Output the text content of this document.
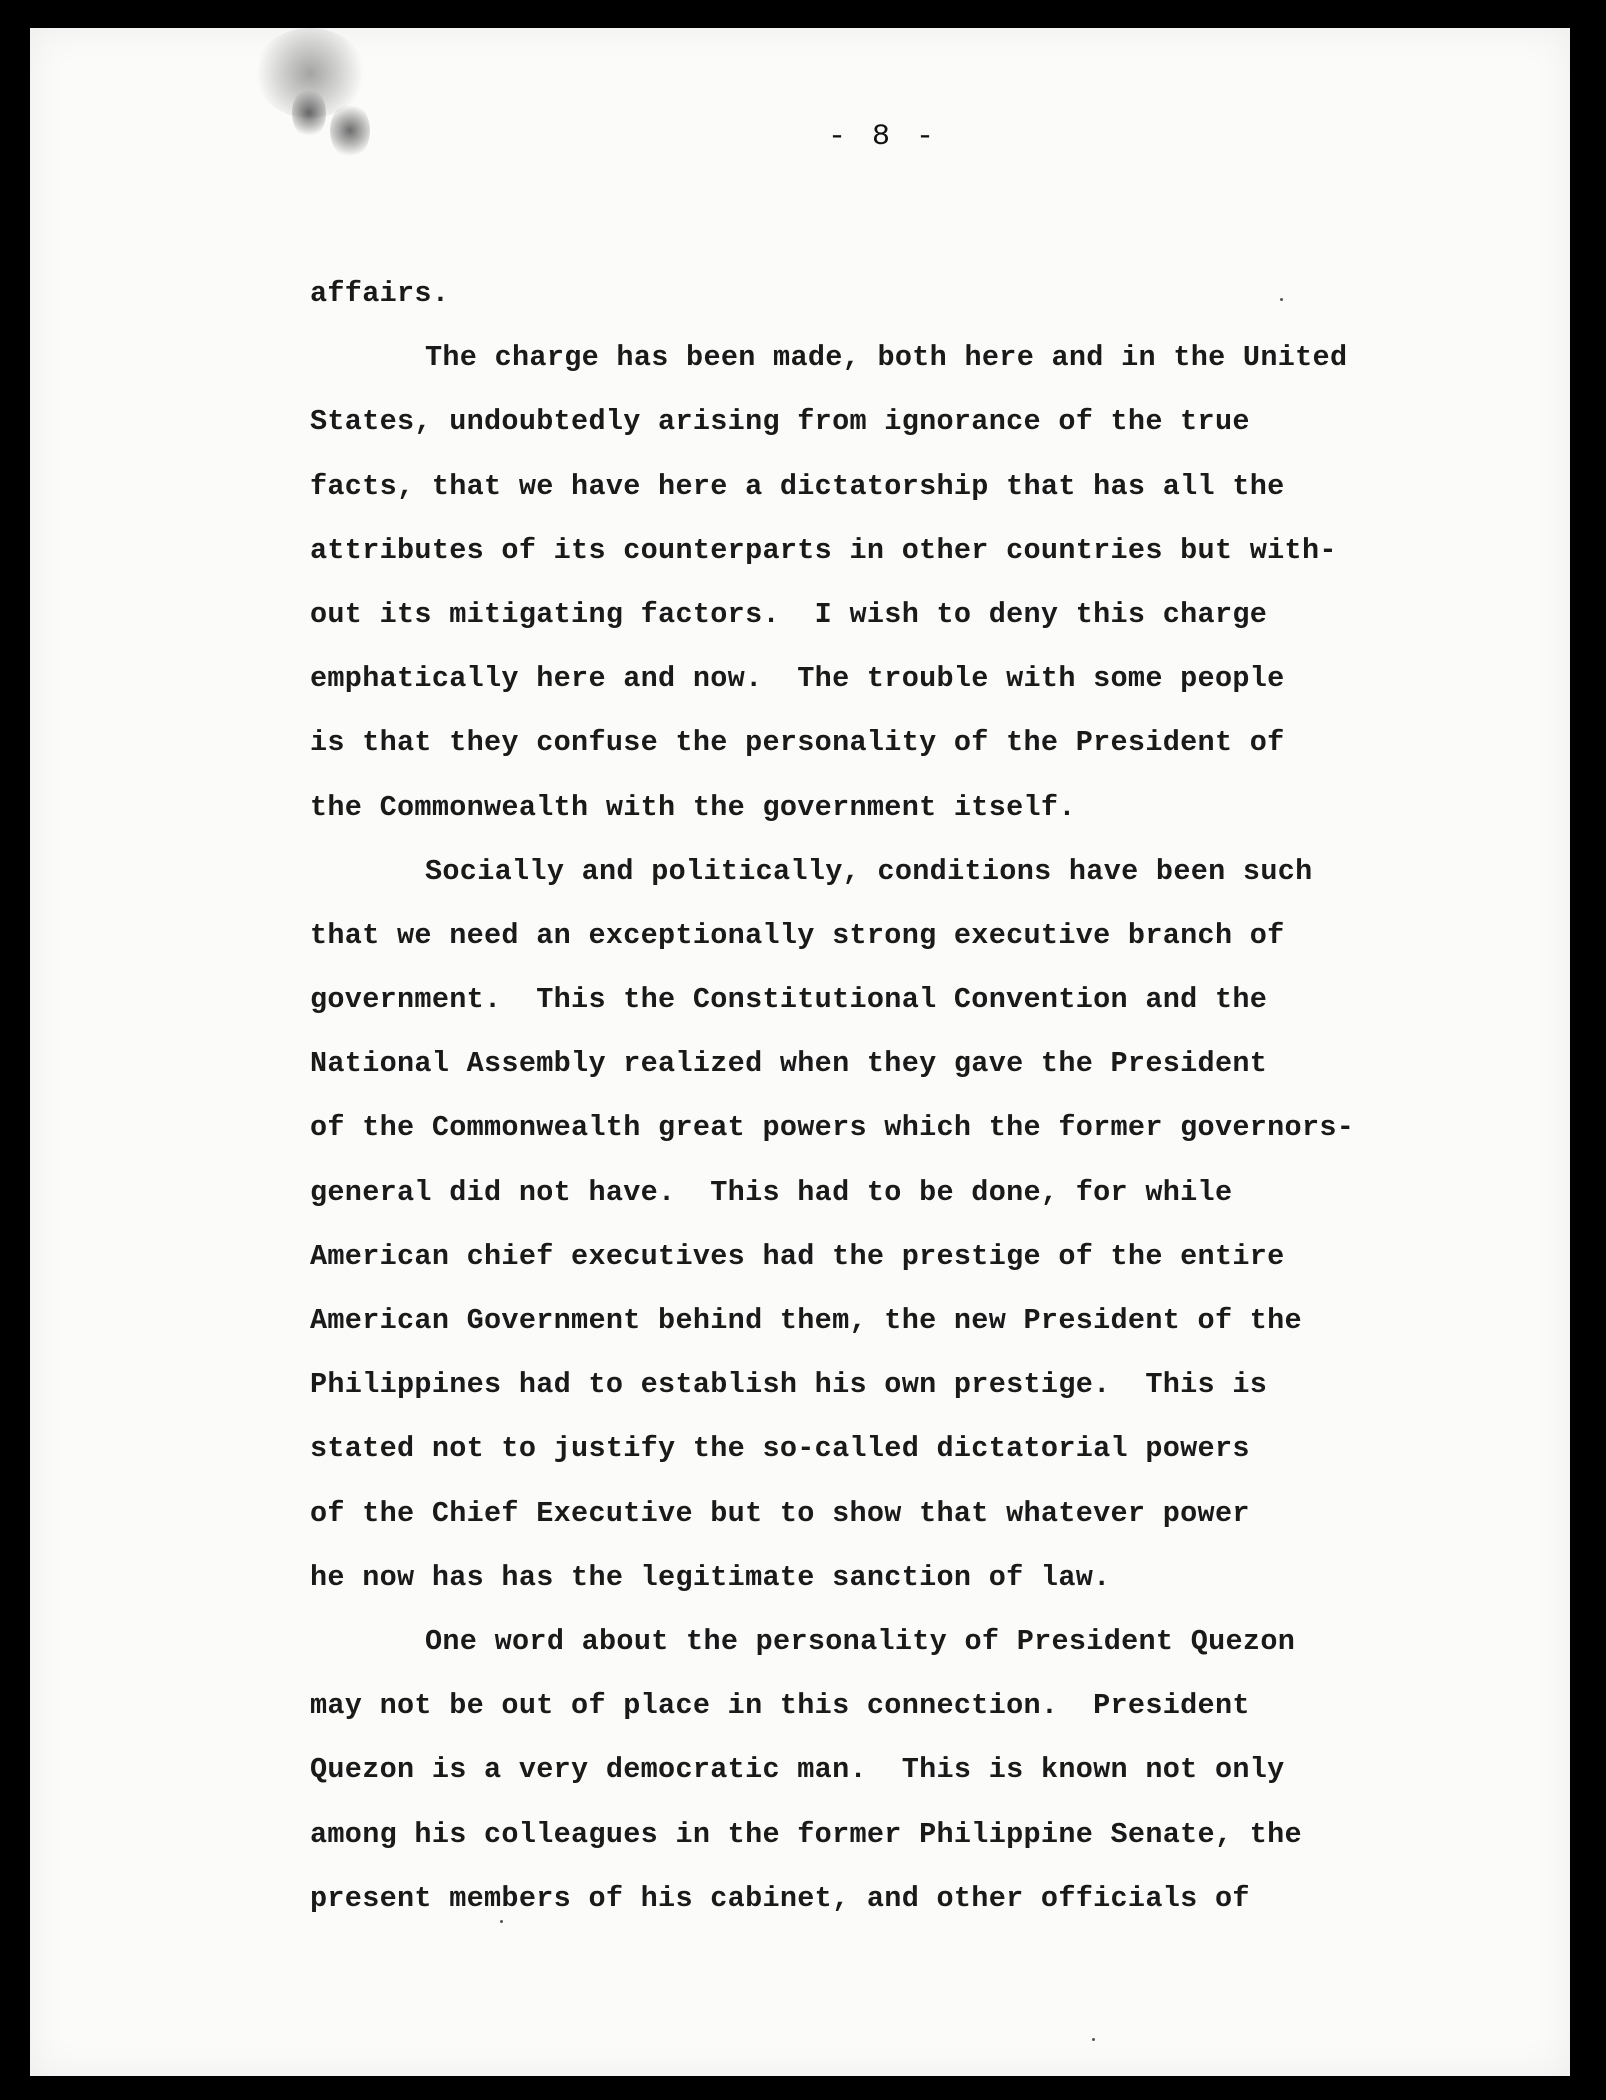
- 8 -
affairs.
The charge has been made, both here and in the United
States, undoubtedly arising from ignorance of the true
facts, that we have here a dictatorship that has all the
attributes of its counterparts in other countries but with-
out its mitigating factors.  I wish to deny this charge
emphatically here and now.  The trouble with some people
is that they confuse the personality of the President of
the Commonwealth with the government itself.
Socially and politically, conditions have been such
that we need an exceptionally strong executive branch of
government.  This the Constitutional Convention and the
National Assembly realized when they gave the President
of the Commonwealth great powers which the former governors-
general did not have.  This had to be done, for while
American chief executives had the prestige of the entire
American Government behind them, the new President of the
Philippines had to establish his own prestige.  This is
stated not to justify the so-called dictatorial powers
of the Chief Executive but to show that whatever power
he now has has the legitimate sanction of law.
One word about the personality of President Quezon
may not be out of place in this connection.  President
Quezon is a very democratic man.  This is known not only
among his colleagues in the former Philippine Senate, the
present members of his cabinet, and other officials of
